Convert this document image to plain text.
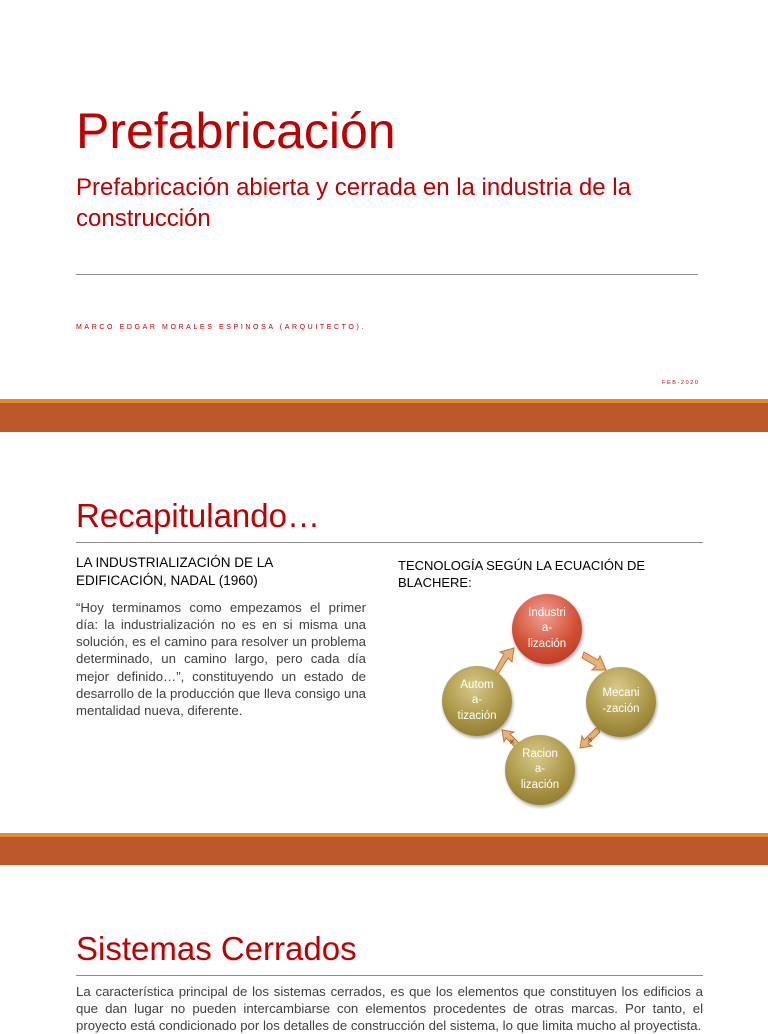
Prefabricación
Prefabricación abierta y cerrada en la industria de la construcción
MARCO EDGAR MORALES ESPINOSA (ARQUITECTO).
FEB-2020
Recapitulando…
LA INDUSTRIALIZACIÓN DE LA EDIFICACIÓN, NADAL (1960)

“Hoy terminamos como empezamos el primer día: la industrialización no es en si misma una solución, es el camino para resolver un problema determinado, un camino largo, pero cada día mejor definido…”, constituyendo un estado de desarrollo de la producción que lleva consigo una mentalidad nueva, diferente.

TECNOLOGÍA SEGÚN LA ECUACIÓN DE BLACHERE:
×
×
Industri
a-
lización
Mecani
-zación
Racion
a-
lización
Autom
a-
tización
Sistemas Cerrados

La característica principal de los sistemas cerrados, es que los elementos que constituyen los edificios a que dan lugar no pueden intercambiarse con elementos procedentes de otras marcas. Por tanto, el proyecto está condicionado por los detalles de construcción del sistema, lo que limita mucho al proyectista.
